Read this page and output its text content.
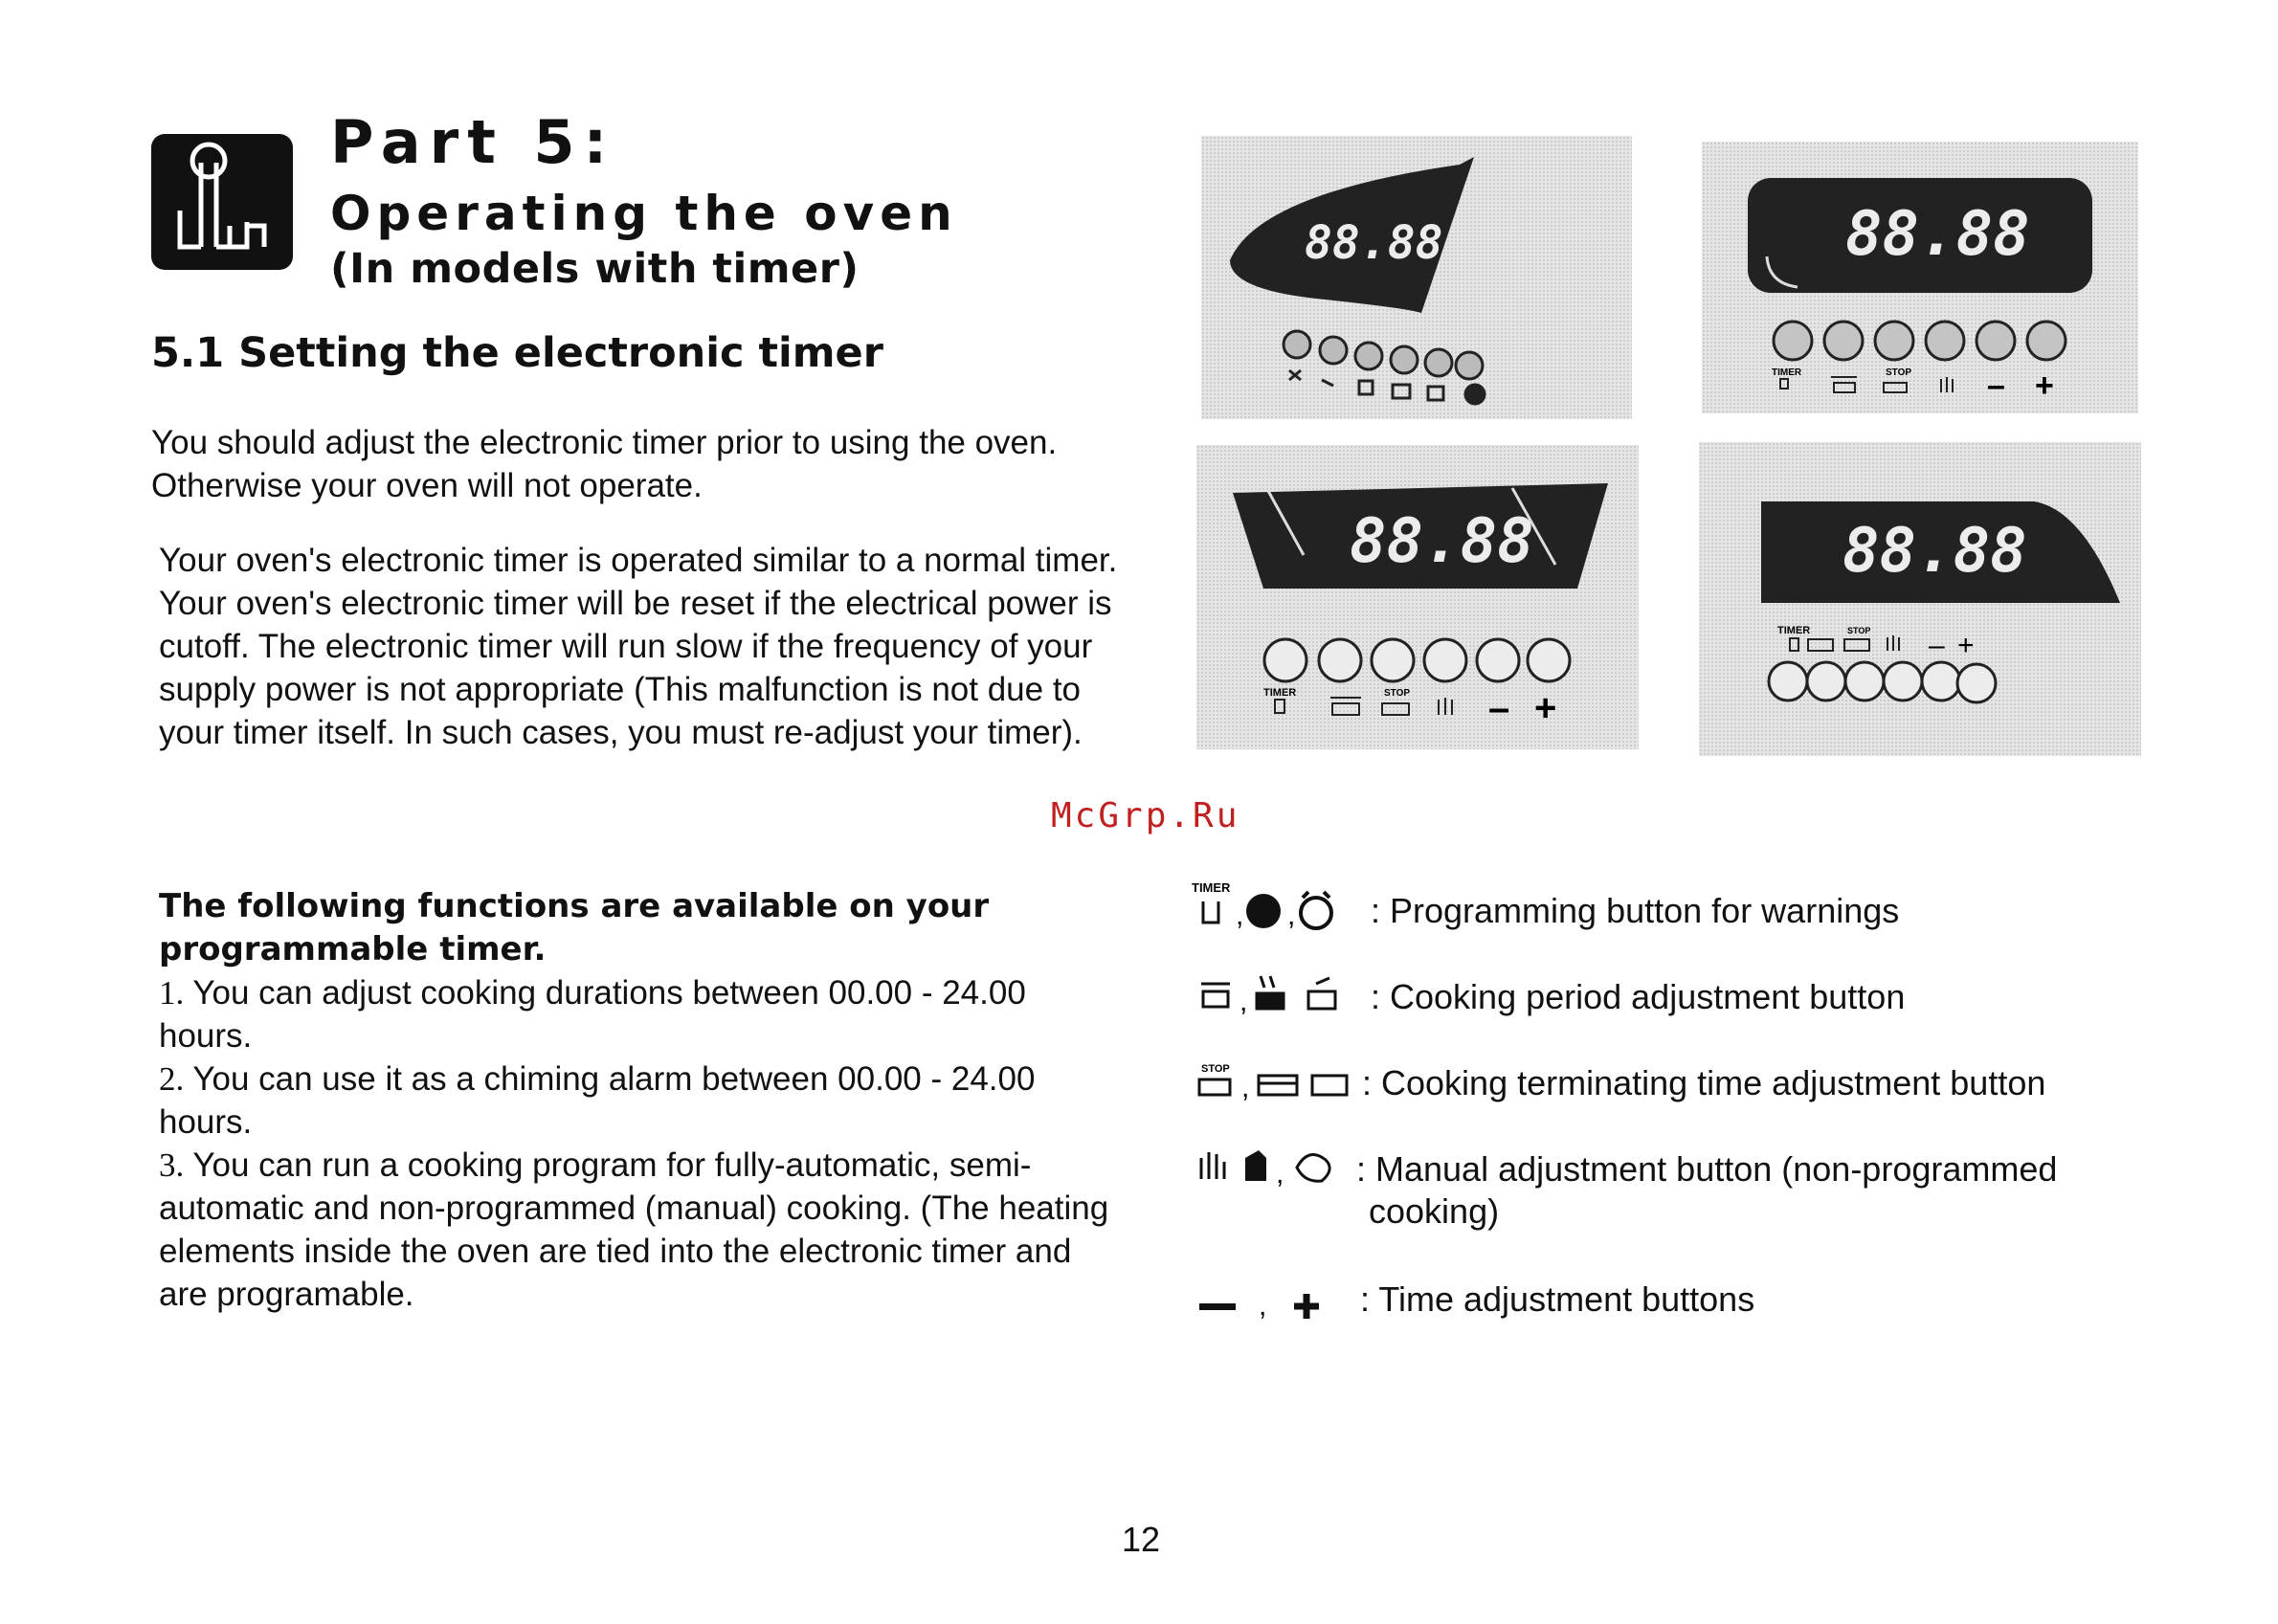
Part 5:
Operating the oven
(In models with timer)
5.1 Setting the electronic timer

You should adjust the electronic timer prior to using the oven. Otherwise your oven will not operate.

Your oven's electronic timer is operated similar to a normal timer. Your oven's electronic timer will be reset if the electrical power is cutoff. The electronic timer will run slow if the frequency of your supply power is not appropriate (This malfunction is not due to your timer itself. In such cases, you must re-adjust your timer).

McGrp.Ru
The following functions are available on your programmable timer.

1. You can adjust cooking durations between 00.00 - 24.00 hours.

2. You can use it as a chiming alarm between 00.00 - 24.00 hours.

3. You can run a cooking program for fully-automatic, semi-automatic and non-programmed (manual) cooking. (The heating elements inside the oven are tied into the electronic timer and are programable.

88.88	88.88
TIMER	STOP – +
88.88
TIMER	STOP – +
88.88
TIMER	STOP – +
TIMER
, , : Programming button for warnings
,	: Cooking period adjustment button
STOP
,	: Cooking terminating time adjustment button
, : Manual adjustment button (non-programmed
cooking)
,	: Time adjustment buttons
12
